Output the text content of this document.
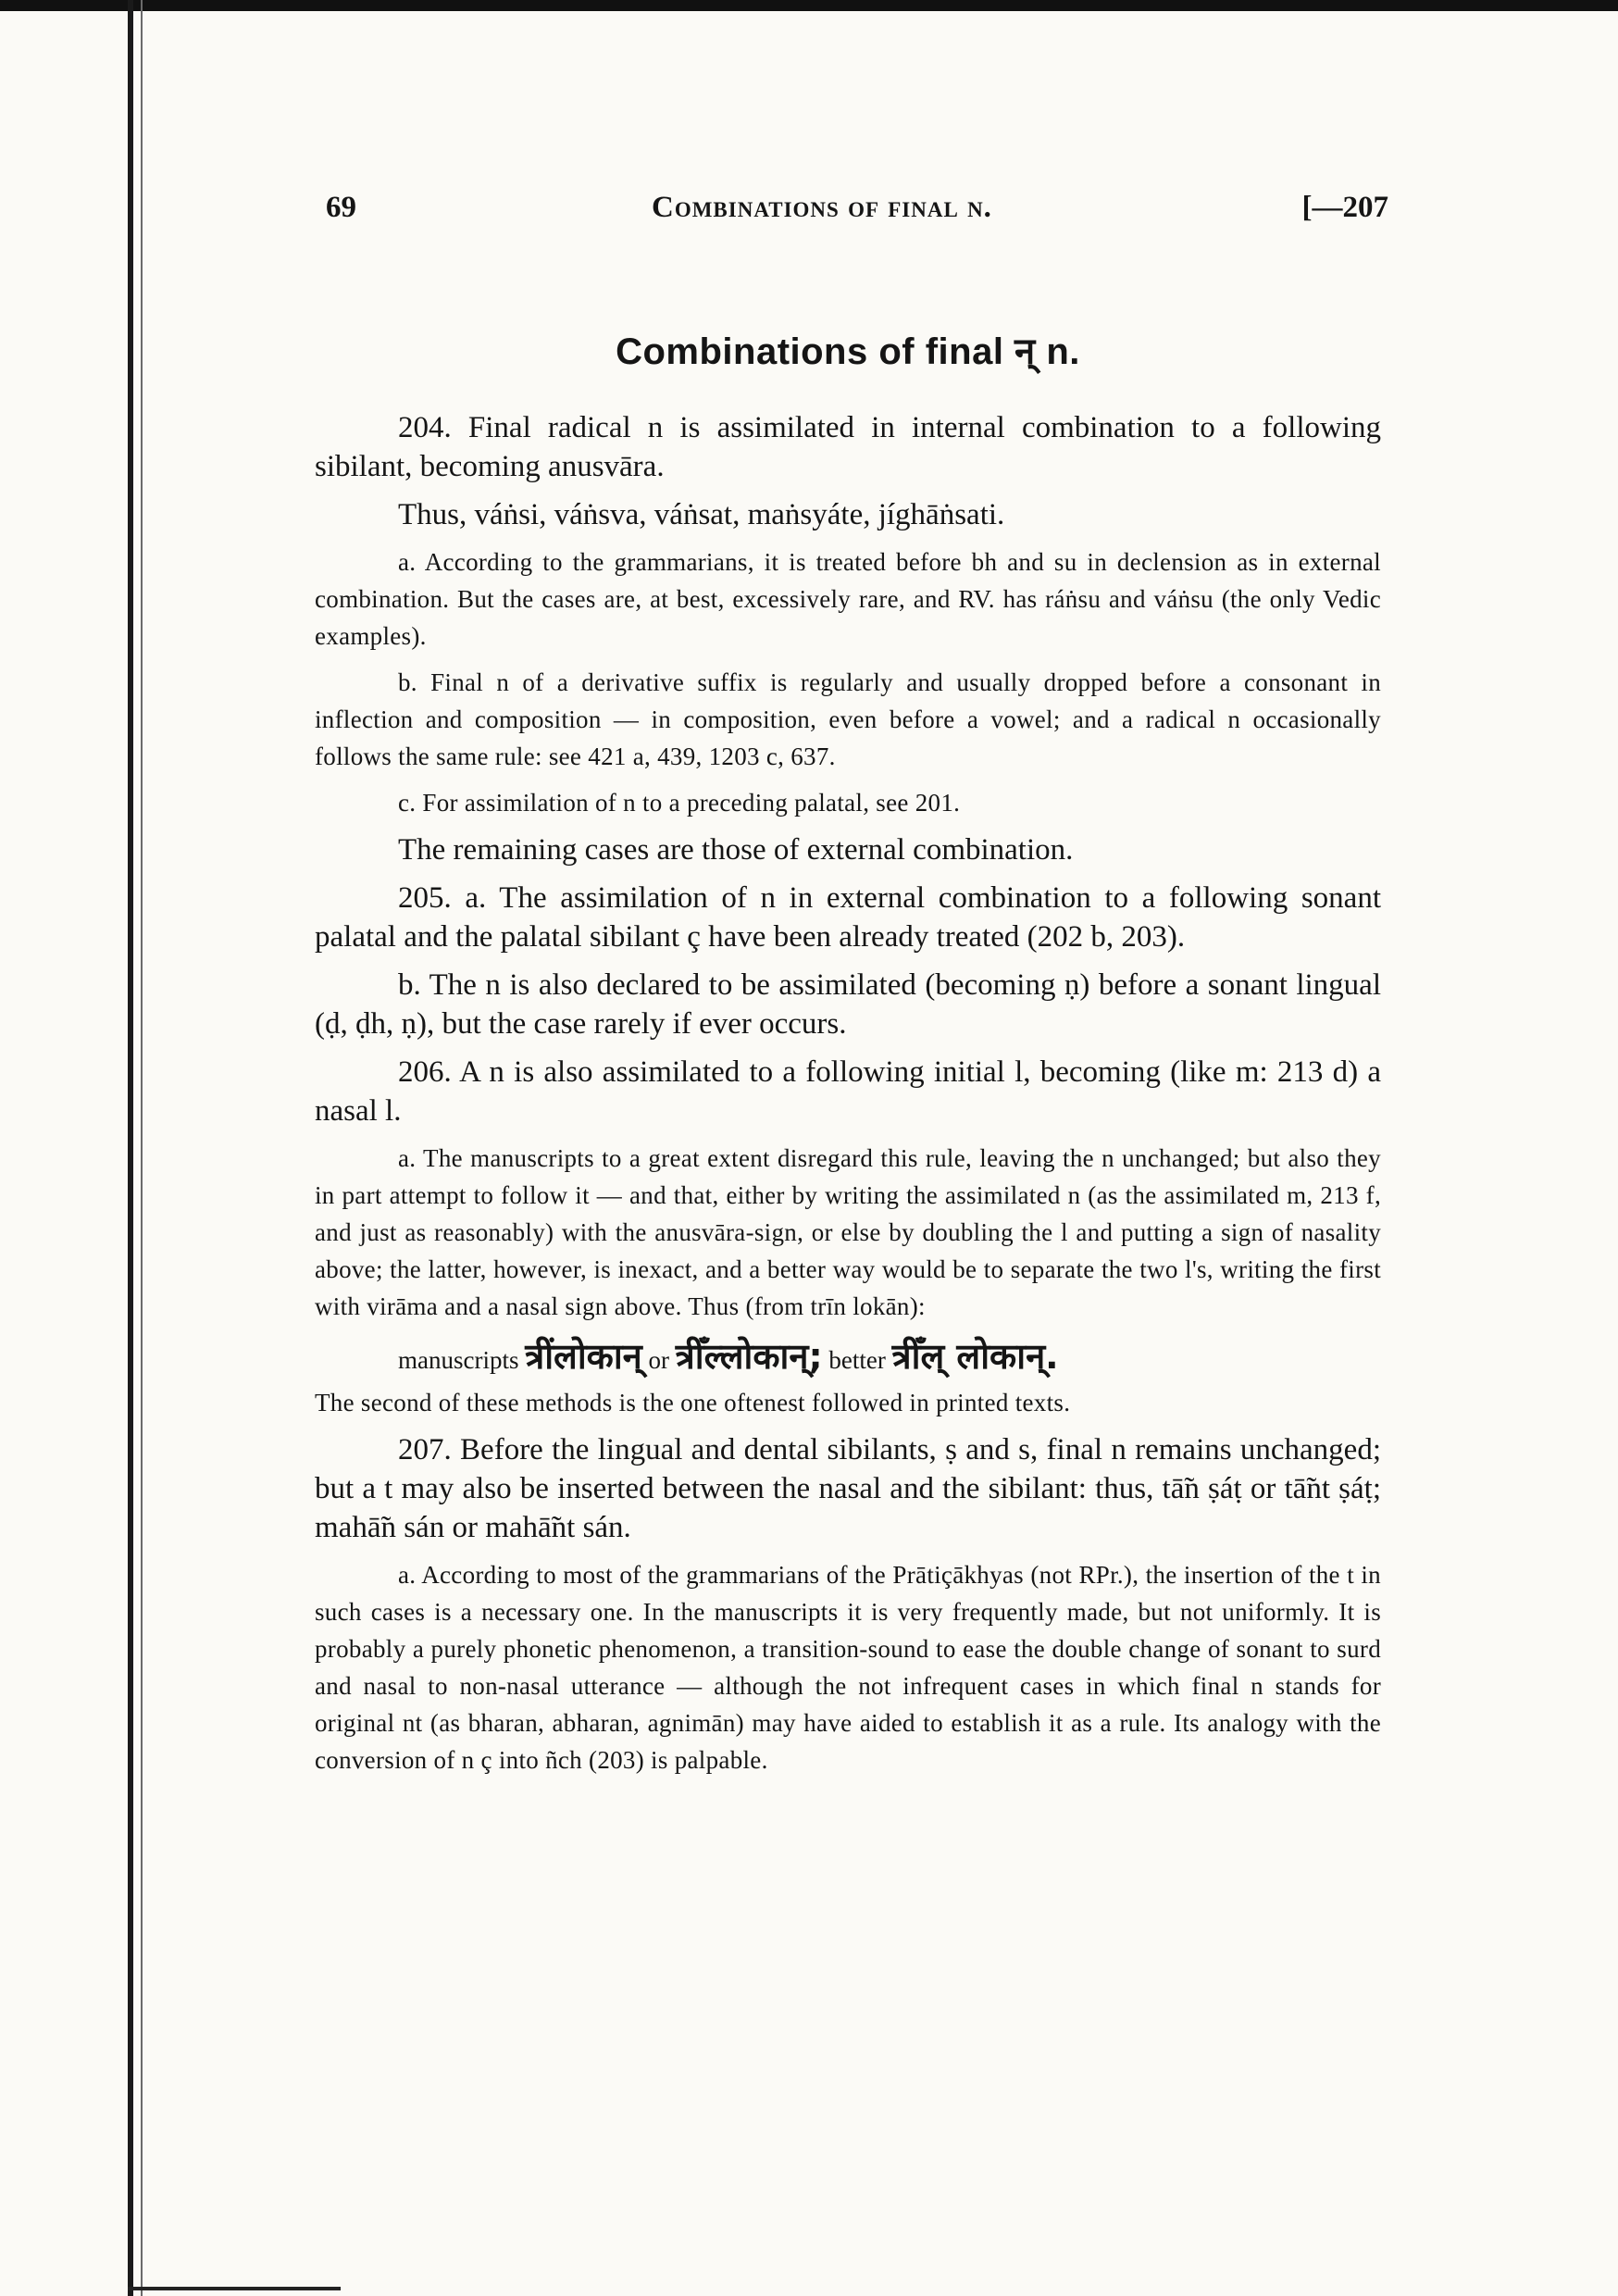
69	Combinations of final n.	[—207
Combinations of final न् n.

204. Final radical n is assimilated in internal combination to a following sibilant, becoming anusvāra.

Thus, váṅsi, váṅsva, váṅsat, maṅsyáte, jíghāṅsati.

a. According to the grammarians, it is treated before bh and su in declension as in external combination. But the cases are, at best, excessively rare, and RV. has ráṅsu and váṅsu (the only Vedic examples).

b. Final n of a derivative suffix is regularly and usually dropped before a consonant in inflection and composition — in composition, even before a vowel; and a radical n occasionally follows the same rule: see 421 a, 439, 1203 c, 637.

c. For assimilation of n to a preceding palatal, see 201.

The remaining cases are those of external combination.

205. a. The assimilation of n in external combination to a following sonant palatal and the palatal sibilant ç have been already treated (202 b, 203).

b. The n is also declared to be assimilated (becoming ṇ) before a sonant lingual (ḍ, ḍh, ṇ), but the case rarely if ever occurs.

206. A n is also assimilated to a following initial l, becoming (like m: 213 d) a nasal l.

a. The manuscripts to a great extent disregard this rule, leaving the n unchanged; but also they in part attempt to follow it — and that, either by writing the assimilated n (as the assimilated m, 213 f, and just as reasonably) with the anusvāra-sign, or else by doubling the l and putting a sign of nasality above; the latter, however, is inexact, and a better way would be to separate the two l's, writing the first with virāma and a nasal sign above. Thus (from trīn lokān):

manuscripts त्रींलोकान् or त्रीँल्लोकान्; better त्रीँल् लोकान्.

The second of these methods is the one oftenest followed in printed texts.

207. Before the lingual and dental sibilants, ṣ and s, final n remains unchanged; but a t may also be inserted between the nasal and the sibilant: thus, tā̃n ṣáṭ or tā̃nt ṣáṭ; mahā̃n sán or mahā̃nt sán.

a. According to most of the grammarians of the Prātiçākhyas (not RPr.), the insertion of the t in such cases is a necessary one. In the manuscripts it is very frequently made, but not uniformly. It is probably a purely phonetic phenomenon, a transition-sound to ease the double change of sonant to surd and nasal to non-nasal utterance — although the not infrequent cases in which final n stands for original nt (as bharan, abharan, agnimān) may have aided to establish it as a rule. Its analogy with the conversion of n ç into ñch (203) is palpable.
